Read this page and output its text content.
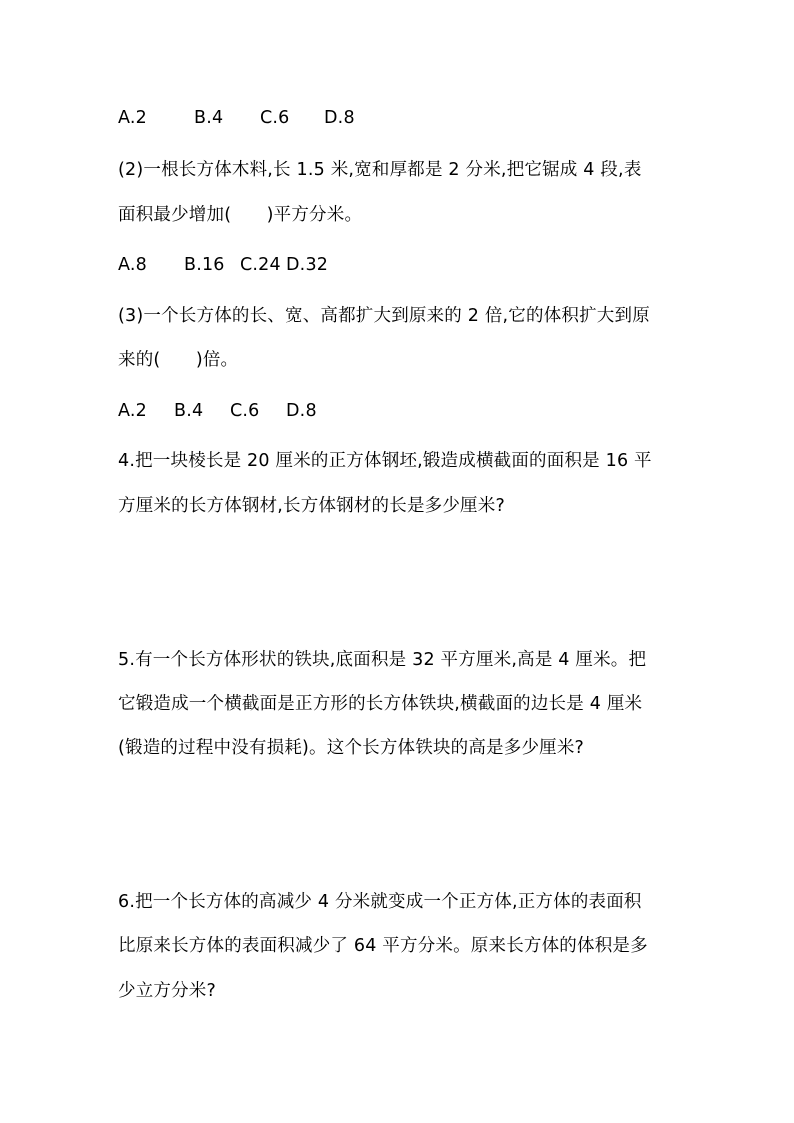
A.2	B.4 C.6 D.8
(2)一根长方体木料,长 1.5 米,宽和厚都是 2 分米,把它锯成 4 段,表
面积最少增加(　　)平方分米。
A.8 B.16 C.24 D.32
(3)一个长方体的长、宽、高都扩大到原来的 2 倍,它的体积扩大到原
来的(　　)倍。
A.2 B.4 C.6 D.8
4.把一块棱长是 20 厘米的正方体钢坯,锻造成横截面的面积是 16 平
方厘米的长方体钢材,长方体钢材的长是多少厘米?
5.有一个长方体形状的铁块,底面积是 32 平方厘米,高是 4 厘米。把
它锻造成一个横截面是正方形的长方体铁块,横截面的边长是 4 厘米
(锻造的过程中没有损耗)。这个长方体铁块的高是多少厘米?
6.把一个长方体的高减少 4 分米就变成一个正方体,正方体的表面积
比原来长方体的表面积减少了 64 平方分米。原来长方体的体积是多
少立方分米?
